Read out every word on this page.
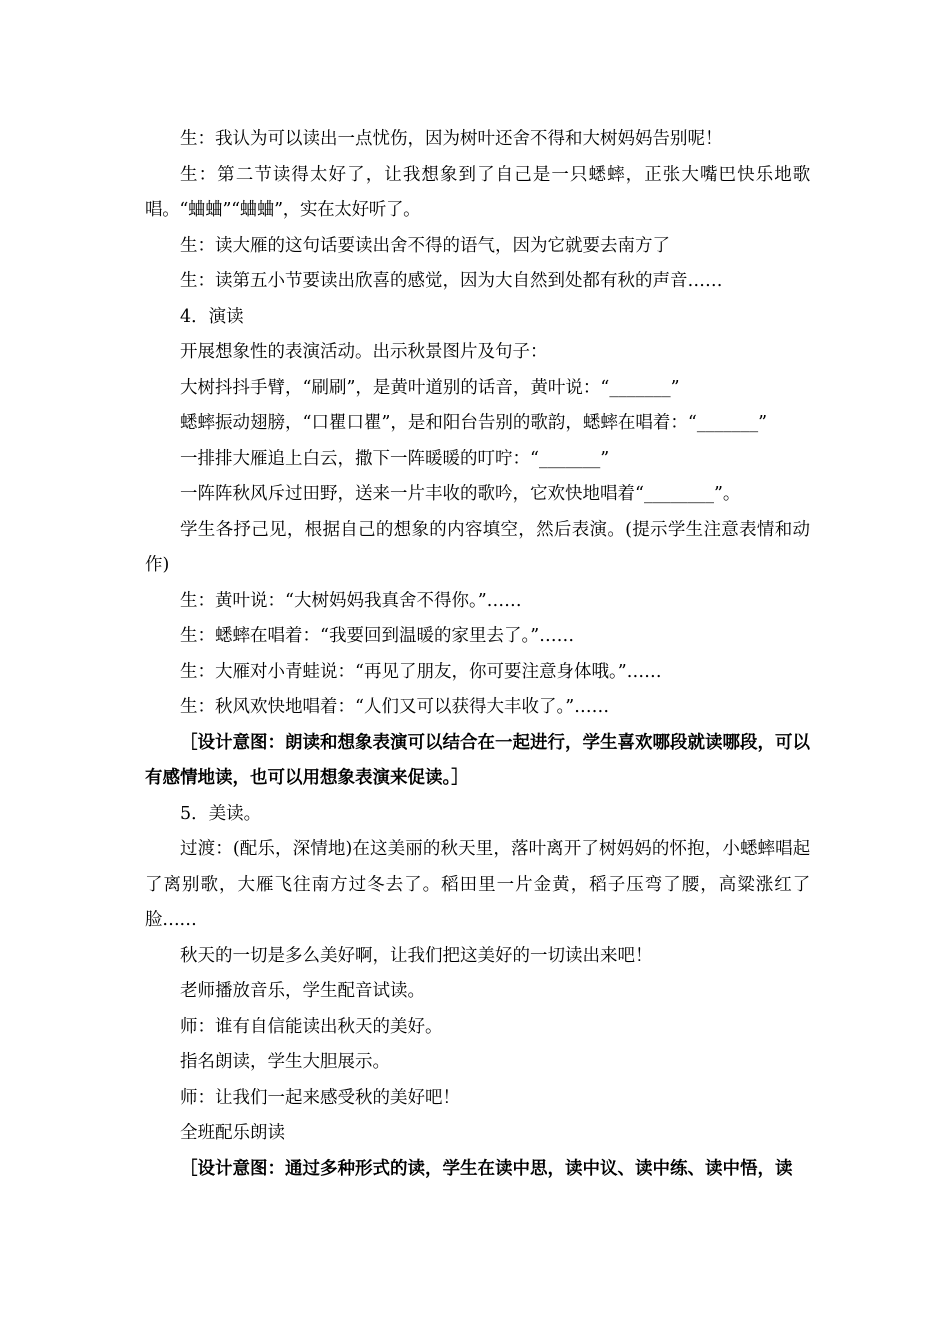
生：我认为可以读出一点忧伤，因为树叶还舍不得和大树妈妈告别呢！

生：第二节读得太好了，让我想象到了自己是一只蟋蟀，正张大嘴巴快乐地歌唱。“蛐蛐”“蛐蛐”，实在太好听了。

生：读大雁的这句话要读出舍不得的语气，因为它就要去南方了

生：读第五小节要读出欣喜的感觉，因为大自然到处都有秋的声音……

4．演读

开展想象性的表演活动。出示秋景图片及句子：

大树抖抖手臂，“刷刷”，是黄叶道别的话音，黄叶说：“_______”

蟋蟀振动翅膀，“口瞿口瞿”，是和阳台告别的歌韵，蟋蟀在唱着：“_______”

一排排大雁追上白云，撒下一阵暖暖的叮咛：“_______”

一阵阵秋风斥过田野，送来一片丰收的歌吟，它欢快地唱着“________”。

学生各抒己见，根据自己的想象的内容填空，然后表演。(提示学生注意表情和动作)

生：黄叶说：“大树妈妈我真舍不得你。”……

生：蟋蟀在唱着：“我要回到温暖的家里去了。”……

生：大雁对小青蛙说：“再见了朋友，你可要注意身体哦。”……

生：秋风欢快地唱着：“人们又可以获得大丰收了。”……

［设计意图：朗读和想象表演可以结合在一起进行，学生喜欢哪段就读哪段，可以有感情地读，也可以用想象表演来促读。］

5．美读。

过渡：(配乐，深情地)在这美丽的秋天里，落叶离开了树妈妈的怀抱，小蟋蟀唱起了离别歌，大雁飞往南方过冬去了。稻田里一片金黄，稻子压弯了腰，高粱涨红了脸……

秋天的一切是多么美好啊，让我们把这美好的一切读出来吧！

老师播放音乐，学生配音试读。

师：谁有自信能读出秋天的美好。

指名朗读，学生大胆展示。

师：让我们一起来感受秋的美好吧！

全班配乐朗读

［设计意图：通过多种形式的读，学生在读中思，读中议、读中练、读中悟，读
